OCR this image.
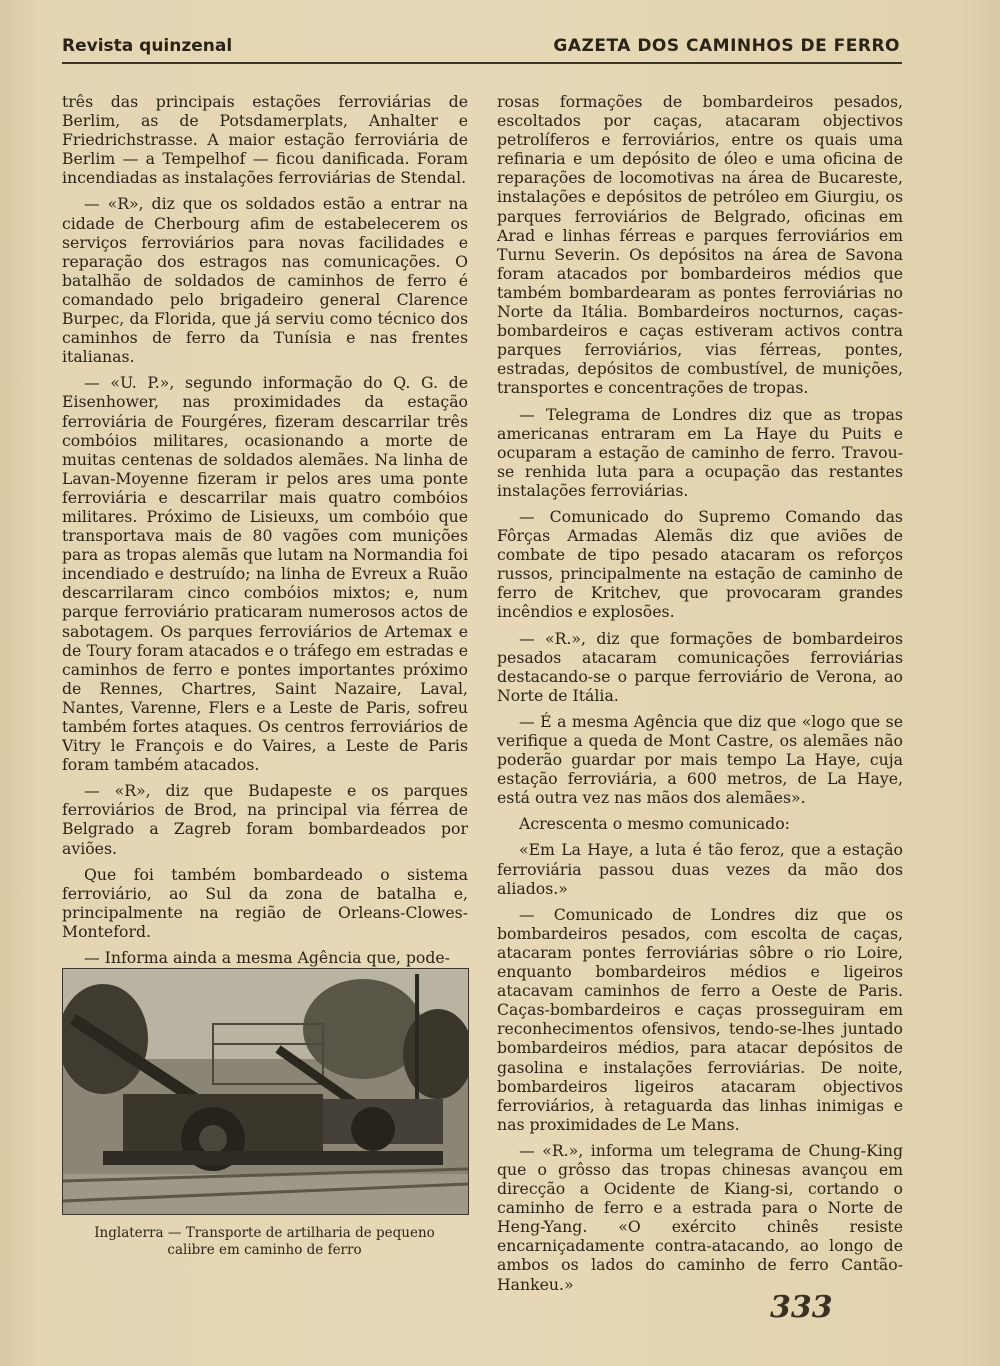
Revista quinzenal	GAZETA DOS CAMINHOS DE FERRO

três das principais estações ferroviárias de Berlim, as de Potsdamerplats, Anhalter e Friedrichstrasse. A maior estação ferroviária de Berlim — a Tempelhof — ficou danificada. Foram incendiadas as instalações ferroviárias de Stendal.

— «R», diz que os soldados estão a entrar na cidade de Cherbourg afim de estabelecerem os serviços ferroviários para novas facilidades e reparação dos estragos nas comunicações. O batalhão de soldados de caminhos de ferro é comandado pelo brigadeiro general Clarence Burpec, da Florida, que já serviu como técnico dos caminhos de ferro da Tunísia e nas frentes italianas.

— «U. P.», segundo informação do Q. G. de Eisenhower, nas proximidades da estação ferroviária de Fourgéres, fizeram descarrilar três combóios militares, ocasionando a morte de muitas centenas de soldados alemães. Na linha de Lavan-Moyenne fizeram ir pelos ares uma ponte ferroviária e descarrilar mais quatro combóios militares. Próximo de Lisieuxs, um combóio que transportava mais de 80 vagões com munições para as tropas alemãs que lutam na Normandia foi incendiado e destruído; na linha de Evreux a Ruão descarrilaram cinco combóios mixtos; e, num parque ferroviário praticaram numerosos actos de sabotagem. Os parques ferroviários de Artemax e de Toury foram atacados e o tráfego em estradas e caminhos de ferro e pontes importantes próximo de Rennes, Chartres, Saint Nazaire, Laval, Nantes, Varenne, Flers e a Leste de Paris, sofreu também fortes ataques. Os centros ferroviários de Vitry le François e do Vaires, a Leste de Paris foram também atacados.

— «R», diz que Budapeste e os parques ferroviários de Brod, na principal via férrea de Belgrado a Zagreb foram bombardeados por aviões.

Que foi também bombardeado o sistema ferroviário, ao Sul da zona de batalha e, principalmente na região de Orleans-Clowes-Monteford.

— Informa ainda a mesma Agência que, pode-

Inglaterra — Transporte de artilharia de pequeno
calibre em caminho de ferro

rosas formações de bombardeiros pesados, escoltados por caças, atacaram objectivos petrolíferos e ferroviários, entre os quais uma refinaria e um depósito de óleo e uma oficina de reparações de locomotivas na área de Bucareste, instalações e depósitos de petróleo em Giurgiu, os parques ferroviários de Belgrado, oficinas em Arad e linhas férreas e parques ferroviários em Turnu Severin. Os depósitos na área de Savona foram atacados por bombardeiros médios que também bombardearam as pontes ferroviárias no Norte da Itália. Bombardeiros nocturnos, caças-bombardeiros e caças estiveram activos contra parques ferroviários, vias férreas, pontes, estradas, depósitos de combustível, de munições, transportes e concentrações de tropas.

— Telegrama de Londres diz que as tropas americanas entraram em La Haye du Puits e ocuparam a estação de caminho de ferro. Travou-se renhida luta para a ocupação das restantes instalações ferroviárias.

— Comunicado do Supremo Comando das Fôrças Armadas Alemãs diz que aviões de combate de tipo pesado atacaram os reforços russos, principalmente na estação de caminho de ferro de Kritchev, que provocaram grandes incêndios e explosões.

— «R.», diz que formações de bombardeiros pesados atacaram comunicações ferroviárias destacando-se o parque ferroviário de Verona, ao Norte de Itália.

— É a mesma Agência que diz que «logo que se verifique a queda de Mont Castre, os alemães não poderão guardar por mais tempo La Haye, cuja estação ferroviária, a 600 metros, de La Haye, está outra vez nas mãos dos alemães».

Acrescenta o mesmo comunicado:

«Em La Haye, a luta é tão feroz, que a estação ferroviária passou duas vezes da mão dos aliados.»

— Comunicado de Londres diz que os bombardeiros pesados, com escolta de caças, atacaram pontes ferroviárias sôbre o rio Loire, enquanto bombardeiros médios e ligeiros atacavam caminhos de ferro a Oeste de Paris. Caças-bombardeiros e caças prosseguiram em reconhecimentos ofensivos, tendo-se-lhes juntado bombardeiros médios, para atacar depósitos de gasolina e instalações ferroviárias. De noite, bombardeiros ligeiros atacaram objectivos ferroviários, à retaguarda das linhas inimigas e nas proximidades de Le Mans.

— «R.», informa um telegrama de Chung-King que o grôsso das tropas chinesas avançou em direcção a Ocidente de Kiang-si, cortando o caminho de ferro e a estrada para o Norte de Heng-Yang. «O exército chinês resiste encarniçadamente contra-atacando, ao longo de ambos os lados do caminho de ferro Cantão-Hankeu.»

333
